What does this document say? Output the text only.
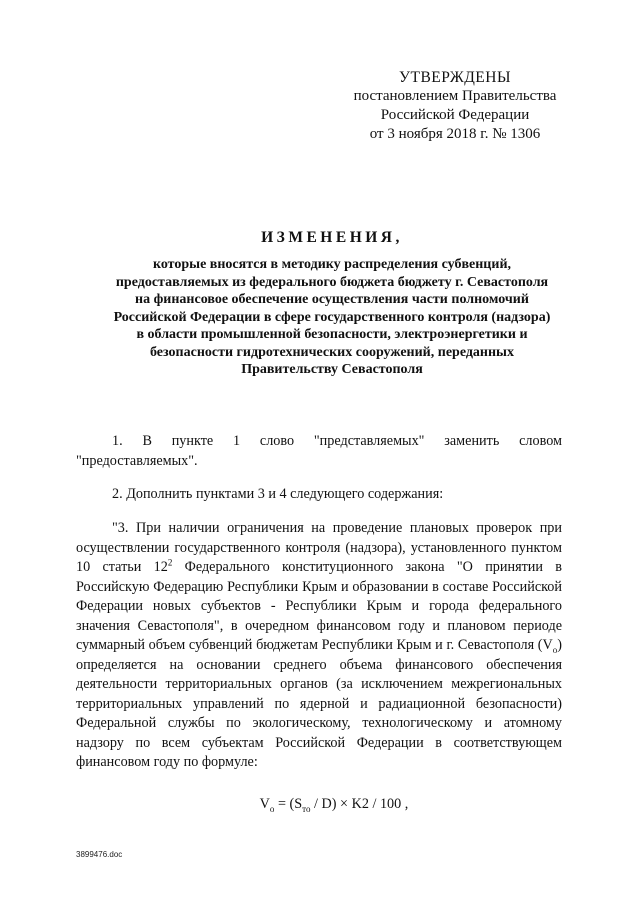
УТВЕРЖДЕНЫ
постановлением Правительства
Российской Федерации
от 3 ноября 2018 г. № 1306
ИЗМЕНЕНИЯ,
которые вносятся в методику распределения субвенций,
предоставляемых из федерального бюджета бюджету г. Севастополя
на финансовое обеспечение осуществления части полномочий
Российской Федерации в сфере государственного контроля (надзора)
в области промышленной безопасности, электроэнергетики и
безопасности гидротехнических сооружений, переданных
Правительству Севастополя

1. В пункте 1 слово "представляемых" заменить словом "предоставляемых".

2. Дополнить пунктами 3 и 4 следующего содержания:

"3. При наличии ограничения на проведение плановых проверок при осуществлении государственного контроля (надзора), установленного пунктом 10 статьи $12^2$ Федерального конституционного закона "О принятии в Российскую Федерацию Республики Крым и образовании в составе Российской Федерации новых субъектов - Республики Крым и города федерального значения Севастополя", в очередном финансовом году и плановом периоде суммарный объем субвенций бюджетам Республики Крым и г. Севастополя $(V_о)$ определяется на основании среднего объема финансового обеспечения деятельности территориальных органов (за исключением межрегиональных территориальных управлений по ядерной и радиационной безопасности) Федеральной службы по экологическому, технологическому и атомному надзору по всем субъектам Российской Федерации в соответствующем финансовом году по формуле:

$V_о = (S_{то} / D) \times K2 / 100$ ,
3899476.doc
